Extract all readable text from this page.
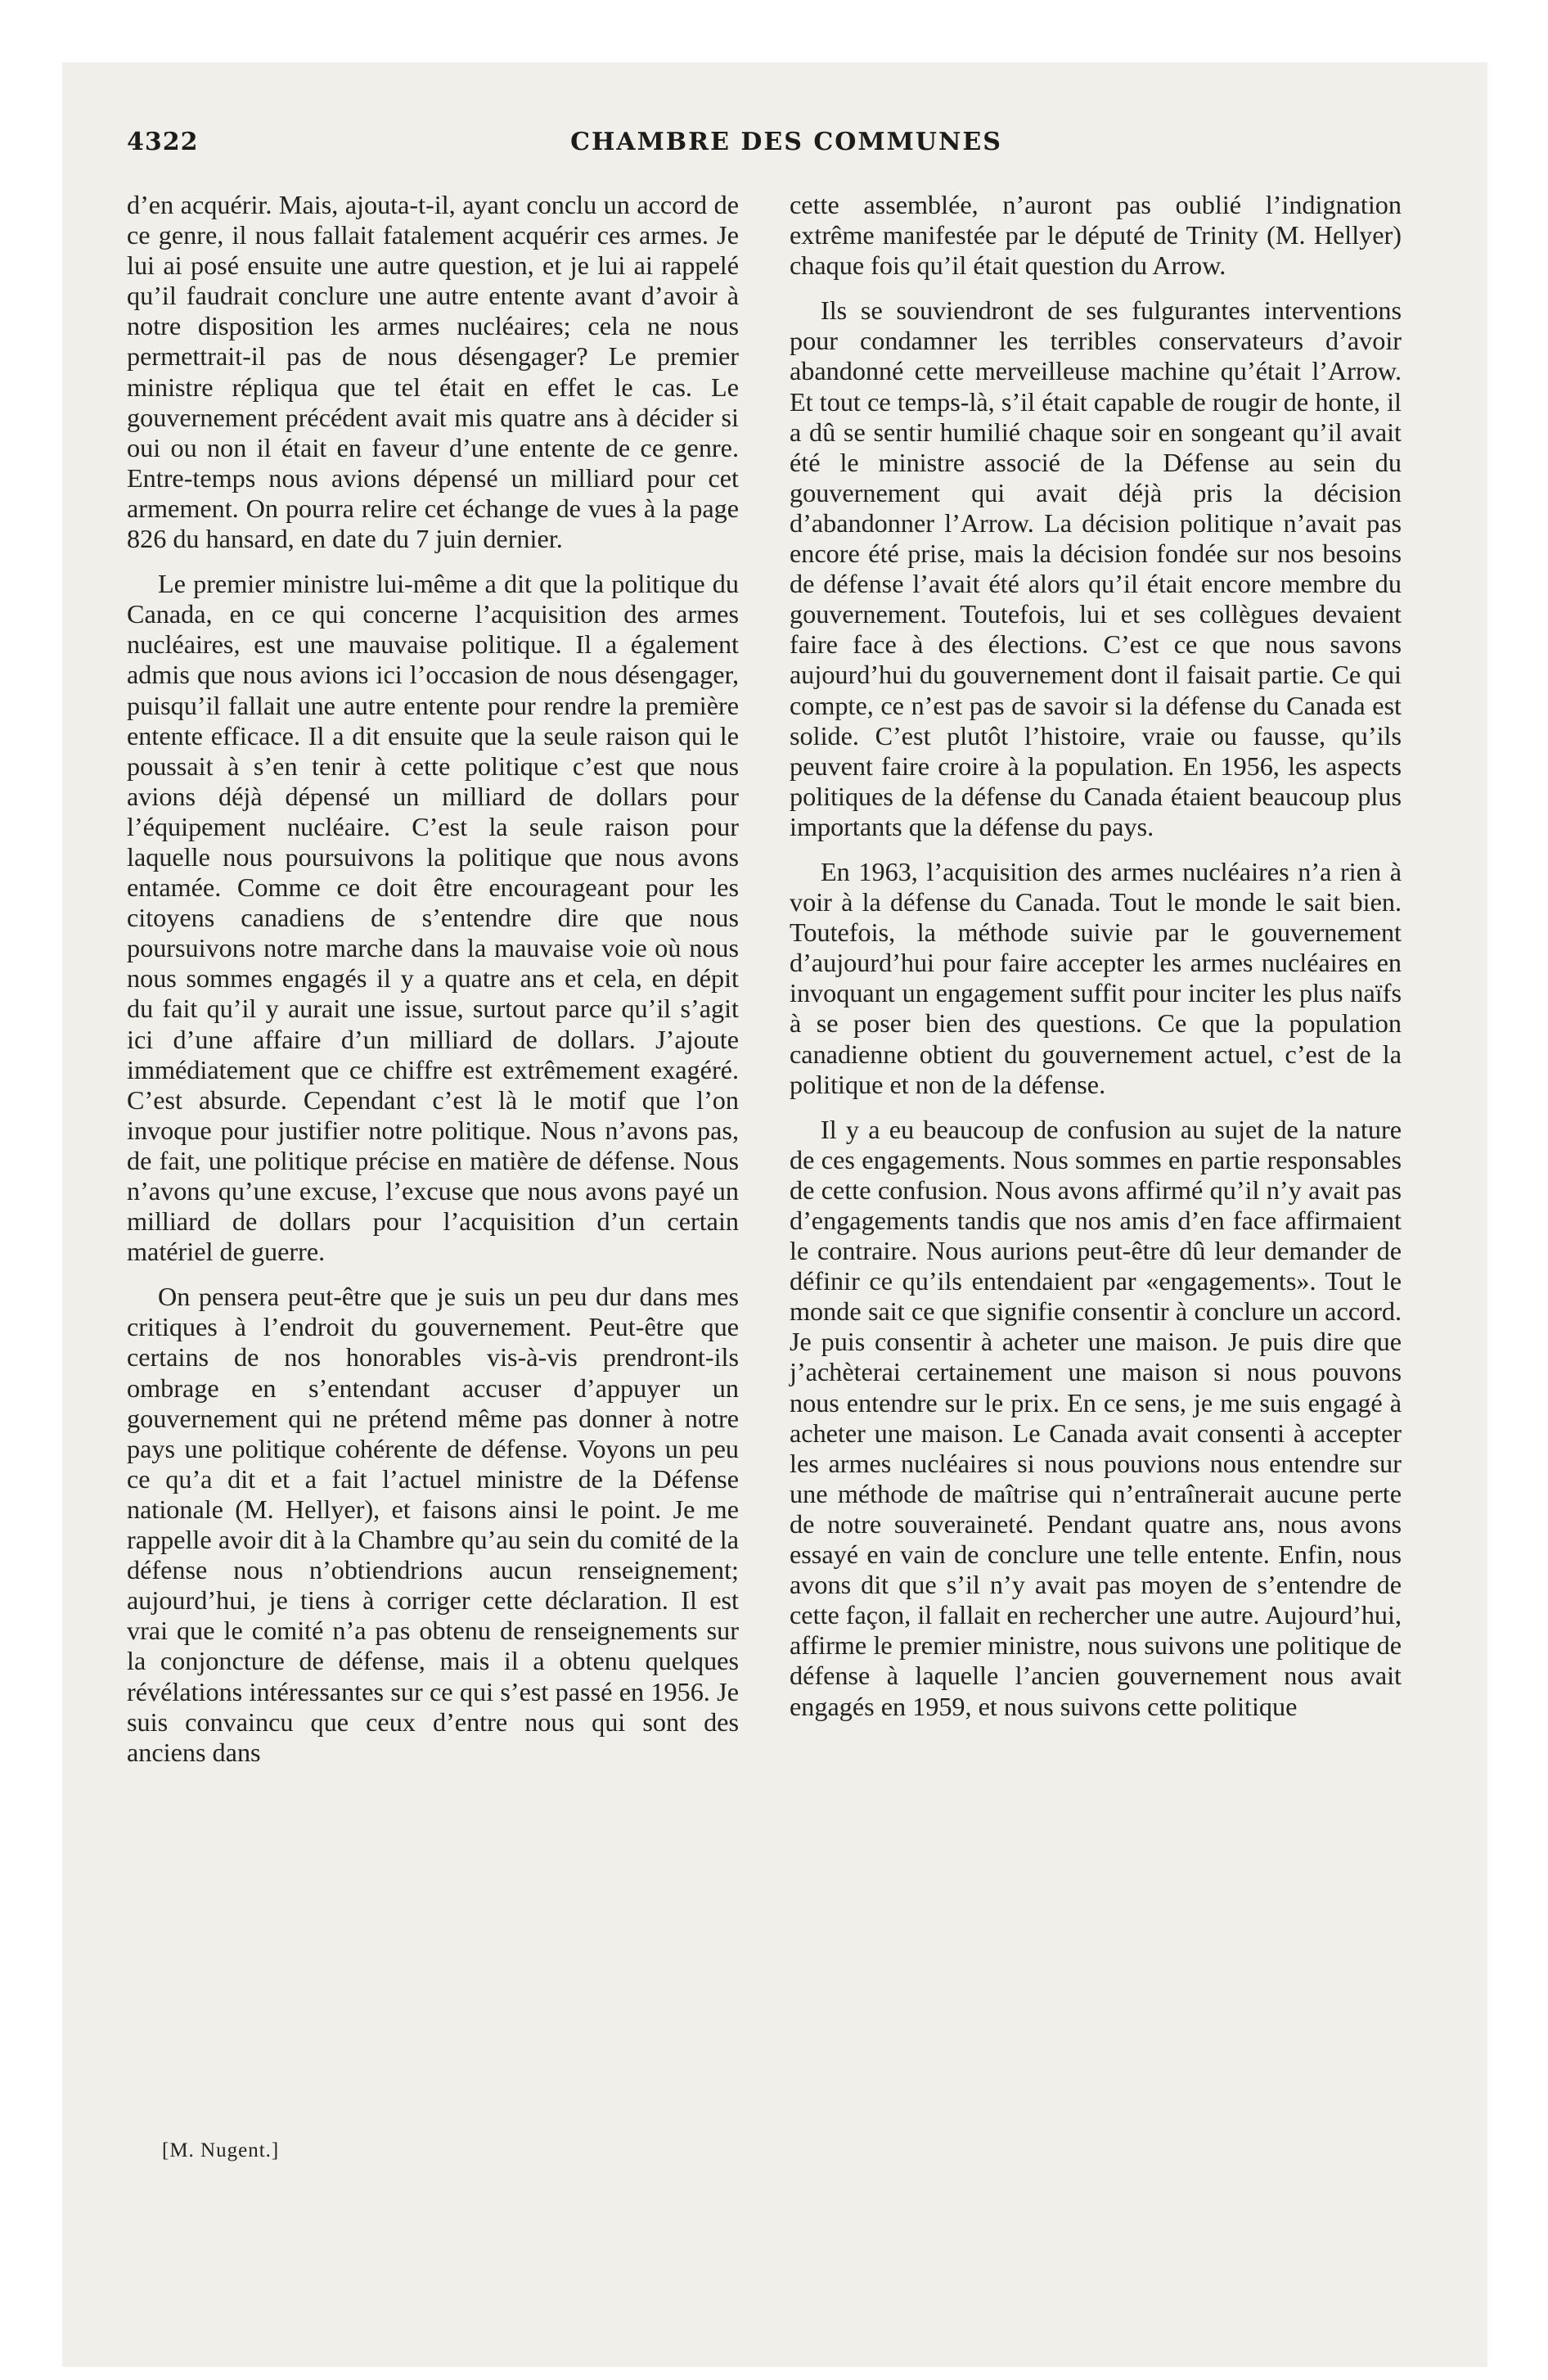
4322	CHAMBRE DES COMMUNES

d’en acquérir. Mais, ajouta-t-il, ayant conclu un accord de ce genre, il nous fallait fatalement acquérir ces armes. Je lui ai posé ensuite une autre question, et je lui ai rappelé qu’il faudrait conclure une autre entente avant d’avoir à notre disposition les armes nucléaires; cela ne nous permettrait-il pas de nous désengager? Le premier ministre répliqua que tel était en effet le cas. Le gouvernement précédent avait mis quatre ans à décider si oui ou non il était en faveur d’une entente de ce genre. Entre-temps nous avions dépensé un milliard pour cet armement. On pourra relire cet échange de vues à la page 826 du hansard, en date du 7 juin dernier.

Le premier ministre lui-même a dit que la politique du Canada, en ce qui concerne l’acquisition des armes nucléaires, est une mauvaise politique. Il a également admis que nous avions ici l’occasion de nous désengager, puisqu’il fallait une autre entente pour rendre la première entente efficace. Il a dit ensuite que la seule raison qui le poussait à s’en tenir à cette politique c’est que nous avions déjà dépensé un milliard de dollars pour l’équipement nucléaire. C’est la seule raison pour laquelle nous poursuivons la politique que nous avons entamée. Comme ce doit être encourageant pour les citoyens canadiens de s’entendre dire que nous poursuivons notre marche dans la mauvaise voie où nous nous sommes engagés il y a quatre ans et cela, en dépit du fait qu’il y aurait une issue, surtout parce qu’il s’agit ici d’une affaire d’un milliard de dollars. J’ajoute immédiatement que ce chiffre est extrêmement exagéré. C’est absurde. Cependant c’est là le motif que l’on invoque pour justifier notre politique. Nous n’avons pas, de fait, une politique précise en matière de défense. Nous n’avons qu’une excuse, l’excuse que nous avons payé un milliard de dollars pour l’acquisition d’un certain matériel de guerre.

On pensera peut-être que je suis un peu dur dans mes critiques à l’endroit du gouvernement. Peut-être que certains de nos honorables vis-à-vis prendront-ils ombrage en s’entendant accuser d’appuyer un gouvernement qui ne prétend même pas donner à notre pays une politique cohérente de défense. Voyons un peu ce qu’a dit et a fait l’actuel ministre de la Défense nationale (M. Hellyer), et faisons ainsi le point. Je me rappelle avoir dit à la Chambre qu’au sein du comité de la défense nous n’obtiendrions aucun renseignement; aujourd’hui, je tiens à corriger cette déclaration. Il est vrai que le comité n’a pas obtenu de renseignements sur la conjoncture de défense, mais il a obtenu quelques révélations intéressantes sur ce qui s’est passé en 1956. Je suis convaincu que ceux d’entre nous qui sont des anciens dans

cette assemblée, n’auront pas oublié l’indignation extrême manifestée par le député de Trinity (M. Hellyer) chaque fois qu’il était question du Arrow.

Ils se souviendront de ses fulgurantes interventions pour condamner les terribles conservateurs d’avoir abandonné cette merveilleuse machine qu’était l’Arrow. Et tout ce temps-là, s’il était capable de rougir de honte, il a dû se sentir humilié chaque soir en songeant qu’il avait été le ministre associé de la Défense au sein du gouvernement qui avait déjà pris la décision d’abandonner l’Arrow. La décision politique n’avait pas encore été prise, mais la décision fondée sur nos besoins de défense l’avait été alors qu’il était encore membre du gouvernement. Toutefois, lui et ses collègues devaient faire face à des élections. C’est ce que nous savons aujourd’hui du gouvernement dont il faisait partie. Ce qui compte, ce n’est pas de savoir si la défense du Canada est solide. C’est plutôt l’histoire, vraie ou fausse, qu’ils peuvent faire croire à la population. En 1956, les aspects politiques de la défense du Canada étaient beaucoup plus importants que la défense du pays.

En 1963, l’acquisition des armes nucléaires n’a rien à voir à la défense du Canada. Tout le monde le sait bien. Toutefois, la méthode suivie par le gouvernement d’aujourd’hui pour faire accepter les armes nucléaires en invoquant un engagement suffit pour inciter les plus naïfs à se poser bien des questions. Ce que la population canadienne obtient du gouvernement actuel, c’est de la politique et non de la défense.

Il y a eu beaucoup de confusion au sujet de la nature de ces engagements. Nous sommes en partie responsables de cette confusion. Nous avons affirmé qu’il n’y avait pas d’engagements tandis que nos amis d’en face affirmaient le contraire. Nous aurions peut-être dû leur demander de définir ce qu’ils entendaient par «engagements». Tout le monde sait ce que signifie consentir à conclure un accord. Je puis consentir à acheter une maison. Je puis dire que j’achèterai certainement une maison si nous pouvons nous entendre sur le prix. En ce sens, je me suis engagé à acheter une maison. Le Canada avait consenti à accepter les armes nucléaires si nous pouvions nous entendre sur une méthode de maîtrise qui n’entraînerait aucune perte de notre souveraineté. Pendant quatre ans, nous avons essayé en vain de conclure une telle entente. Enfin, nous avons dit que s’il n’y avait pas moyen de s’entendre de cette façon, il fallait en rechercher une autre. Aujourd’hui, affirme le premier ministre, nous suivons une politique de défense à laquelle l’ancien gouvernement nous avait engagés en 1959, et nous suivons cette politique

[M. Nugent.]
